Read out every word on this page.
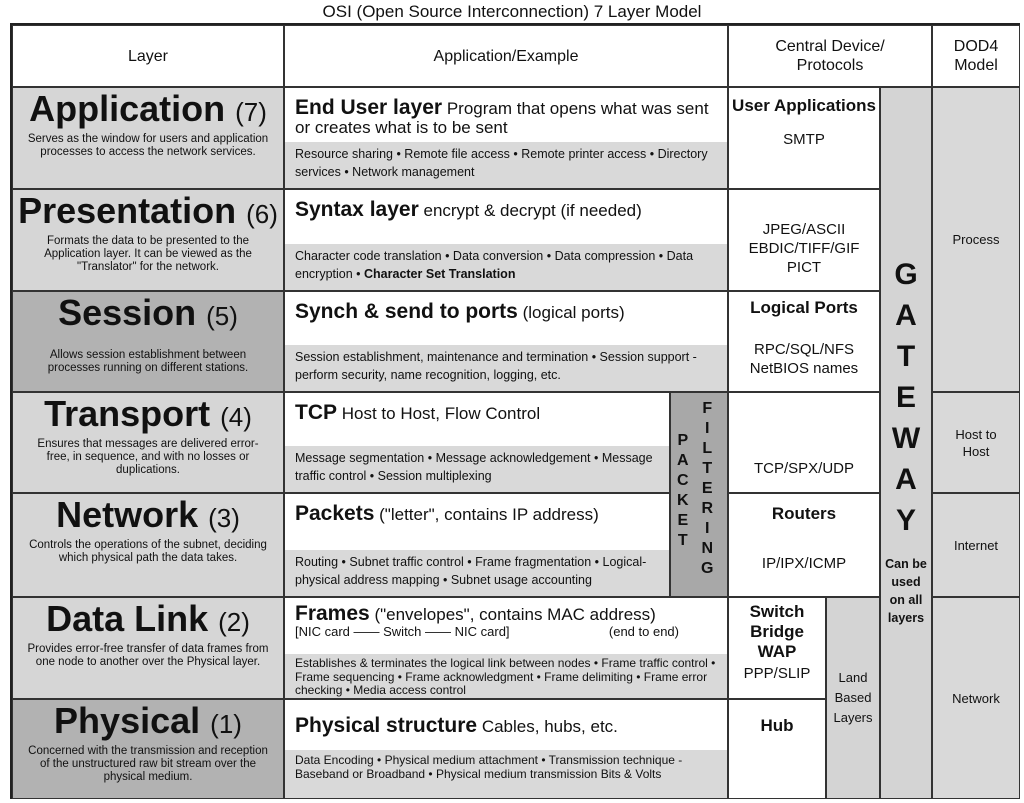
OSI (Open Source Interconnection) 7 Layer Model
Layer	Application/Example
Central Device/ Protocols
DOD4 Model
Application (7)
Serves as the window for users and application processes to access the network services.
Presentation (6)
Formats the data to be presented to the Application layer. It can be viewed as the "Translator" for the network.
Session (5)
Allows session establishment between processes running on different stations.
Transport (4)
Ensures that messages are delivered error-free, in sequence, and with no losses or duplications.
Network (3)
Controls the operations of the subnet, deciding which physical path the data takes.
Data Link (2)
Provides error-free transfer of data frames from one node to another over the Physical layer.
Physical (1)
Concerned with the transmission and reception of the unstructured raw bit stream over the physical medium.
End User layer Program that opens what was sent or creates what is to be sent
Resource sharing • Remote file access • Remote printer access • Directory services • Network management
Syntax layer encrypt & decrypt (if needed)
Character code translation • Data conversion • Data compression • Data encryption • Character Set Translation
Synch & send to ports (logical ports)
Session establishment, maintenance and termination • Session support - perform security, name recognition, logging, etc.
TCP Host to Host, Flow Control
Message segmentation • Message acknowledgement • Message traffic control • Session multiplexing
Packets ("letter", contains IP address)
Routing • Subnet traffic control • Frame fragmentation • Logical-physical address mapping • Subnet usage accounting
Frames ("envelopes", contains MAC address)
[NIC card —— Switch —— NIC card]	(end to end)
Establishes & terminates the logical link between nodes • Frame traffic control • Frame sequencing • Frame acknowledgment • Frame delimiting • Frame error checking • Media access control
Physical structure Cables, hubs, etc.
Data Encoding • Physical medium attachment • Transmission technique - Baseband or Broadband • Physical medium transmission Bits & Volts
P
A
C
K
E
T
F
I
L
T
E
R
I
N
G
User Applications
SMTP
JPEG/ASCII EBDIC/TIFF/GIF PICT
Logical Ports
RPC/SQL/NFS NetBIOS names
TCP/SPX/UDP
Routers
IP/IPX/ICMP
Switch Bridge WAP
PPP/SLIP
Hub
Land Based Layers
G
A
T
E
W
A
Y
Can be used on all layers
Process
Host to Host
Internet
Network
